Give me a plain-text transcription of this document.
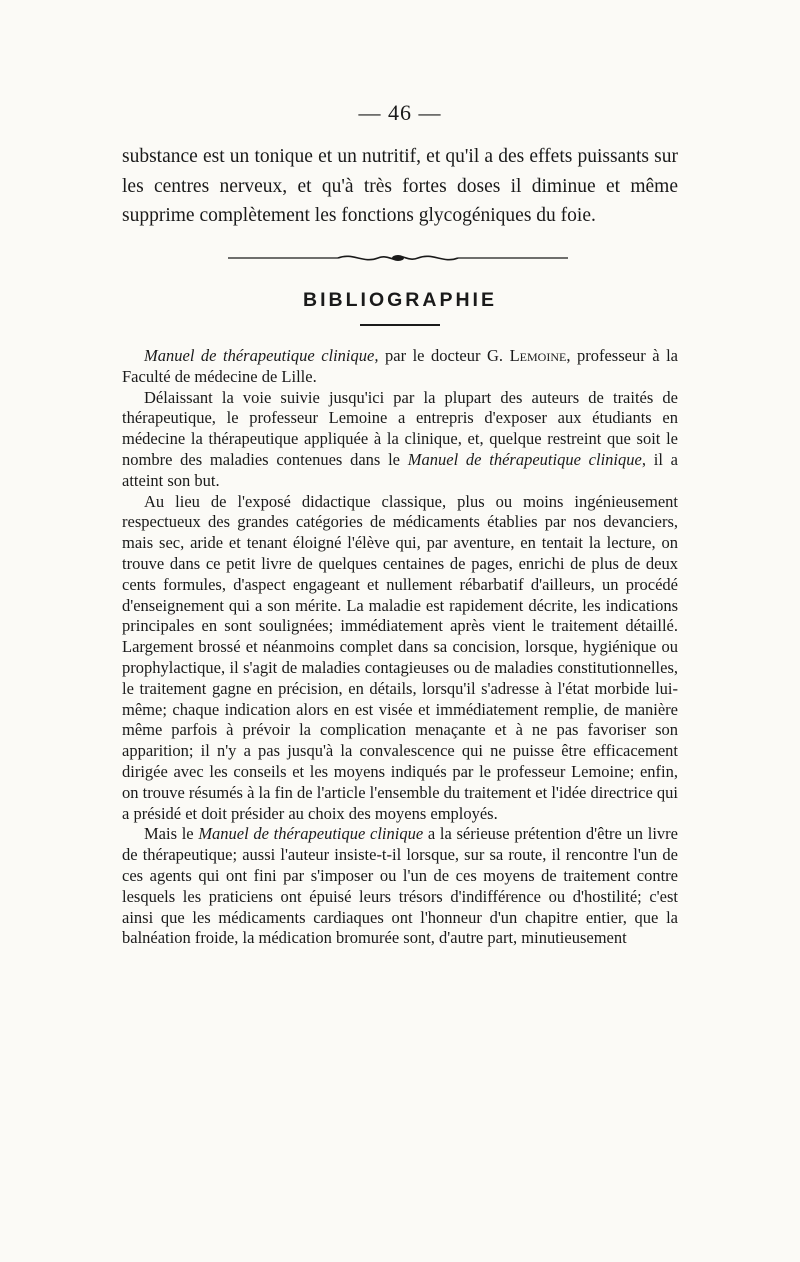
— 46 —
substance est un tonique et un nutritif, et qu'il a des effets puissants sur les centres nerveux, et qu'à très fortes doses il diminue et même supprime complètement les fonctions glycogéniques du foie.
BIBLIOGRAPHIE

Manuel de thérapeutique clinique, par le docteur G. Lemoine, professeur à la Faculté de médecine de Lille.

Délaissant la voie suivie jusqu'ici par la plupart des auteurs de traités de thérapeutique, le professeur Lemoine a entrepris d'exposer aux étudiants en médecine la thérapeutique appliquée à la clinique, et, quelque restreint que soit le nombre des maladies contenues dans le Manuel de thérapeutique clinique, il a atteint son but.

Au lieu de l'exposé didactique classique, plus ou moins ingénieusement respectueux des grandes catégories de médicaments établies par nos devanciers, mais sec, aride et tenant éloigné l'élève qui, par aventure, en tentait la lecture, on trouve dans ce petit livre de quelques centaines de pages, enrichi de plus de deux cents formules, d'aspect engageant et nullement rébarbatif d'ailleurs, un procédé d'enseignement qui a son mérite. La maladie est rapidement décrite, les indications principales en sont soulignées; immédiatement après vient le traitement détaillé. Largement brossé et néanmoins complet dans sa concision, lorsque, hygiénique ou prophylactique, il s'agit de maladies contagieuses ou de maladies constitutionnelles, le traitement gagne en précision, en détails, lorsqu'il s'adresse à l'état morbide lui-même; chaque indication alors en est visée et immédiatement remplie, de manière même parfois à prévoir la complication menaçante et à ne pas favoriser son apparition; il n'y a pas jusqu'à la convalescence qui ne puisse être efficacement dirigée avec les conseils et les moyens indiqués par le professeur Lemoine; enfin, on trouve résumés à la fin de l'article l'ensemble du traitement et l'idée directrice qui a présidé et doit présider au choix des moyens employés.

Mais le Manuel de thérapeutique clinique a la sérieuse prétention d'être un livre de thérapeutique; aussi l'auteur insiste-t-il lorsque, sur sa route, il rencontre l'un de ces agents qui ont fini par s'imposer ou l'un de ces moyens de traitement contre lesquels les praticiens ont épuisé leurs trésors d'indifférence ou d'hostilité; c'est ainsi que les médicaments cardiaques ont l'honneur d'un chapitre entier, que la balnéation froide, la médication bromurée sont, d'autre part, minutieusement
